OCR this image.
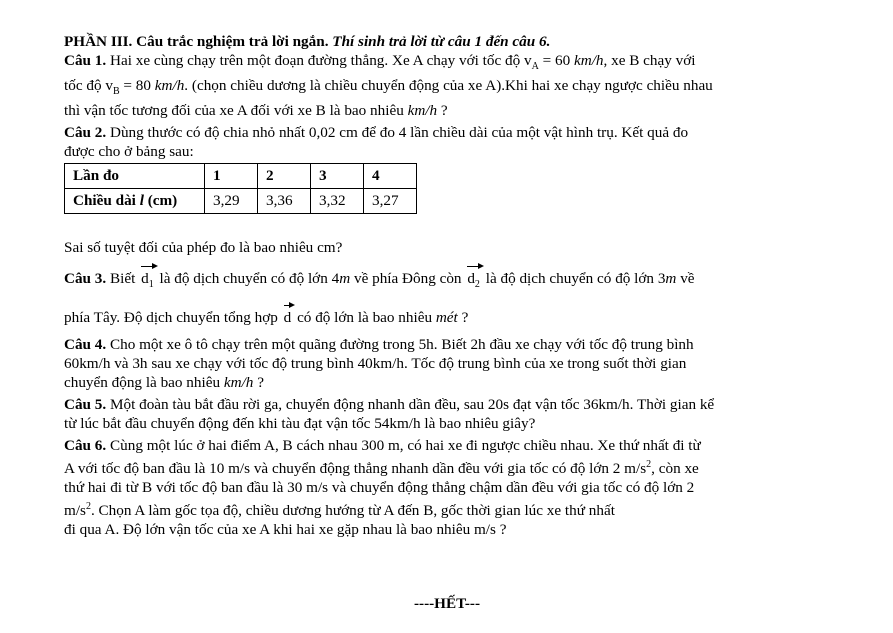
PHẦN III. Câu trắc nghiệm trả lời ngắn. Thí sinh trả lời từ câu 1 đến câu 6.
Câu 1. Hai xe cùng chạy trên một đoạn đường thẳng. Xe A chạy với tốc độ $v_A = 60$ km/h, xe B chạy với
tốc độ $v_B = 80$ km/h. (chọn chiều dương là chiều chuyển động của xe A).Khi hai xe chạy ngược chiều nhau
thì vận tốc tương đối của xe A đối với xe B là bao nhiêu km/h ?
Câu 2. Dùng thước có độ chia nhỏ nhất 0,02 cm để đo 4 lần chiều dài của một vật hình trụ. Kết quả đo
được cho ở bảng sau:
Lần đo	1	2	3	4
Chiều dài l (cm)	3,29	3,36	3,32	3,27
Sai số tuyệt đối của phép đo là bao nhiêu cm?
Câu 3. Biết $d_1$ là độ dịch chuyển có độ lớn 4m về phía Đông còn $d_2$ là độ dịch chuyển có độ lớn 3m về
phía Tây. Độ dịch chuyển tổng hợp d có độ lớn là bao nhiêu mét ?
Câu 4. Cho một xe ô tô chạy trên một quãng đường trong 5h. Biết 2h đầu xe chạy với tốc độ trung bình
60km/h và 3h sau xe chạy với tốc độ trung bình 40km/h. Tốc độ trung bình của xe trong suốt thời gian
chuyển động là bao nhiêu km/h ?
Câu 5. Một đoàn tàu bắt đầu rời ga, chuyển động nhanh dần đều, sau 20s đạt vận tốc 36km/h. Thời gian kể
từ lúc bắt đầu chuyển động đến khi tàu đạt vận tốc 54km/h là bao nhiêu giây?
Câu 6. Cùng một lúc ở hai điểm A, B cách nhau 300 m, có hai xe đi ngược chiều nhau. Xe thứ nhất đi từ
A với tốc độ ban đầu là 10 m/s và chuyển động thẳng nhanh dần đều với gia tốc có độ lớn 2 $m/s^2$, còn xe
thứ hai đi từ B với tốc độ ban đầu là 30 m/s và chuyển động thẳng chậm dần đều với gia tốc có độ lớn 2
$m/s^2$. Chọn A làm gốc tọa độ, chiều dương hướng từ A đến B, gốc thời gian lúc xe thứ nhất
đi qua A. Độ lớn vận tốc của xe A khi hai xe gặp nhau là bao nhiêu m/s ?
----HẾT---
